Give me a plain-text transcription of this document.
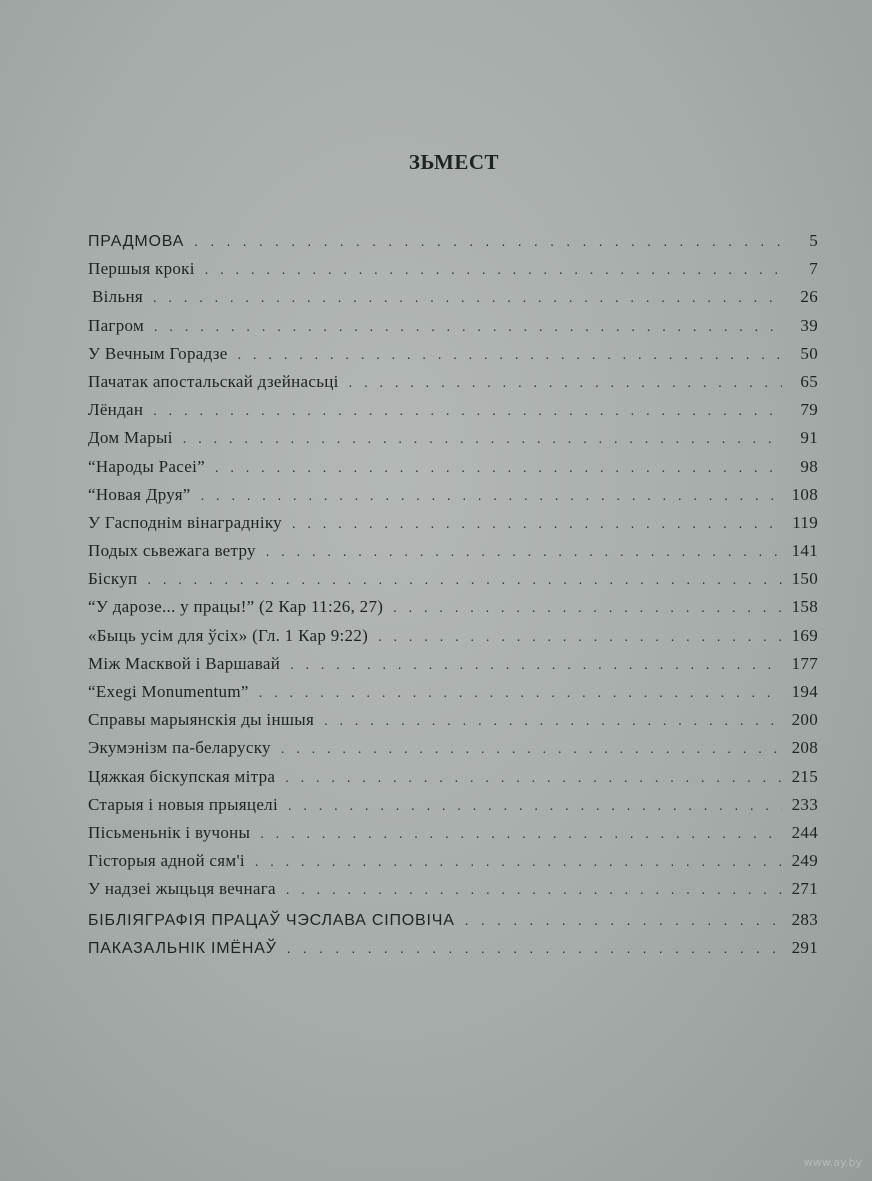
ЗЬМЕСТ
ПРАДМОВА . . .	5
Першыя крокі . . .	7
Вільня . . .	26
Пагром . . .	39
У Вечным Горадзе . . .	50
Пачатак апостальскай дзейнасьці . . .	65
Лёндан . . .	79
Дом Марыі . . .	91
“Народы Расеі” . . .	98
“Новая Друя” . . .	108
У Гасподнім вінаградніку . . .	119
Подых сьвежага ветру . . .	141
Біскуп . . .	150
“У дарозе... у працы!” (2 Кар 11:26, 27) . . .	158
«Быць усім для ўсіх» (Гл. 1 Кар 9:22) . . .	169
Між Масквой і Варшавай . . .	177
“Exegi Monumentum” . . .	194
Справы марыянскія ды іншыя . . .	200
Экумэнізм па-беларуску . . .	208
Цяжкая біскупская мітра . . .	215
Старыя і новыя прыяцелі . . .	233
Пісьменьнік і вучоны . . .	244
Гісторыя адной сям'і . . .	249
У надзеі жыцьця вечнага . . .	271
БІБЛІЯГРАФІЯ ПРАЦАЎ ЧЭСЛАВА СІПОВІЧА . . .	283
ПАКАЗАЛЬНІК ІМЁНАЎ . . .	291
www.ay.by
